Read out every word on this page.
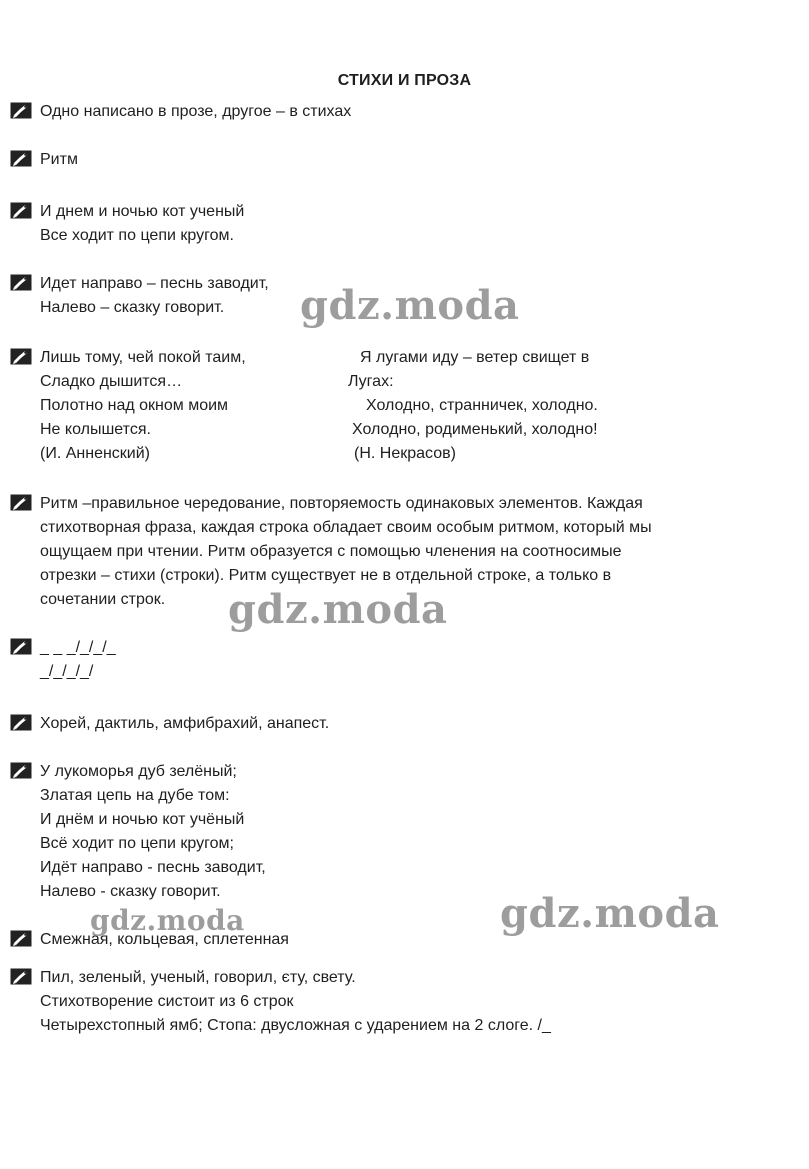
СТИХИ И ПРОЗА
Одно написано в прозе, другое – в стихах
Ритм
И днем и ночью кот ученый
Все ходит по цепи кругом.
Идет направо – песнь заводит,
Налево – сказку говорит.
Лишь тому, чей покой таим,
Сладко дышится…
Полотно над окном моим
Не колышется.
(И. Анненский)
Я лугами иду – ветер свищет в
Лугах:
Холодно, странничек, холодно.
Холодно, родименький, холодно!
(Н. Некрасов)
Ритм –правильное чередование, повторяемость одинаковых элементов. Каждая
стихотворная фраза, каждая строка обладает своим особым ритмом, который мы
ощущаем при чтении. Ритм образуется с помощью членения на соотносимые
отрезки – стихи (строки). Ритм существует не в отдельной строке, а только в
сочетании строк.
_ _ _/_/_/_
_/_/_/_/
Хорей, дактиль, амфибрахий, анапест.
У лукоморья дуб зелёный;
Златая цепь на дубе том:
И днём и ночью кот учёный
Всё ходит по цепи кругом;
Идёт направо - песнь заводит,
Налево - сказку говорит.
Смежная, кольцевая, сплетенная
Пил, зеленый, ученый, говорил, єту, свету.
Стихотворение систоит из 6 строк
Четырехстопный ямб; Стопа: двусложная с ударением на 2 слоге. /_
gdz.moda
gdz.moda
gdz.moda
gdz.moda
